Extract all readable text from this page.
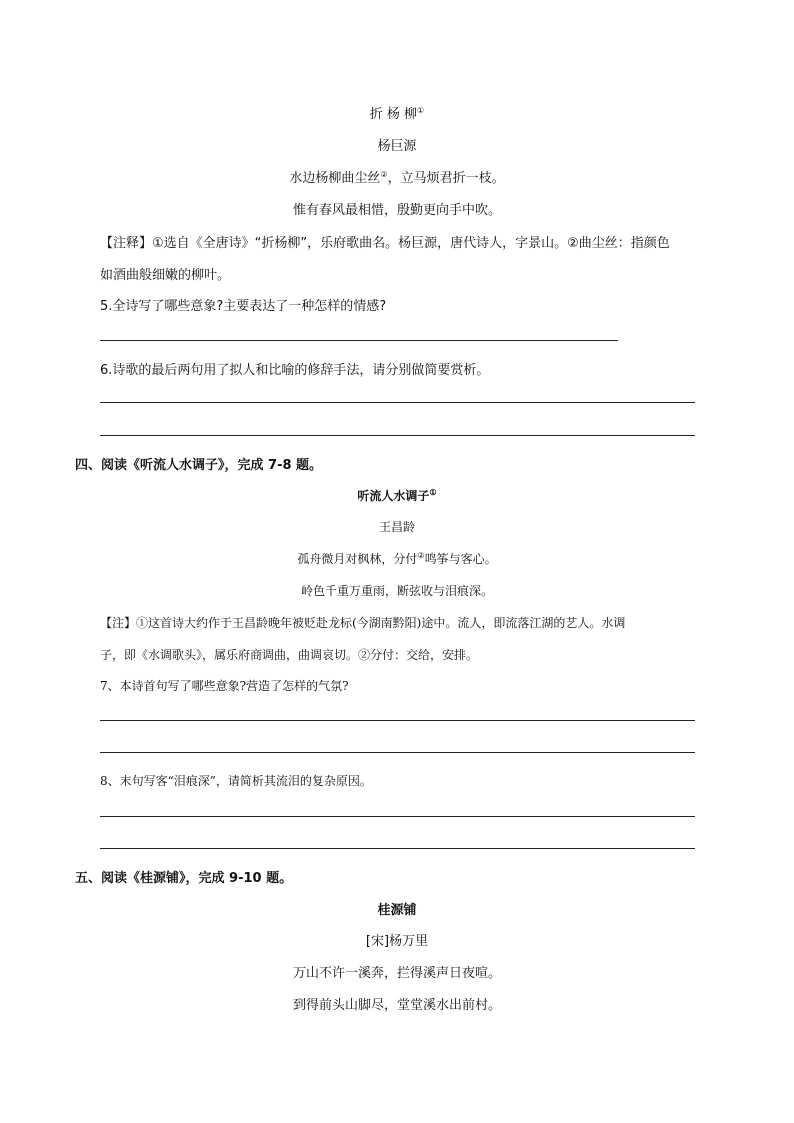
折 杨 柳①
杨巨源
水边杨柳曲尘丝②，立马烦君折一枝。
惟有春风最相惜，殷勤更向手中吹。
【注释】①选自《全唐诗》“折杨柳”，乐府歌曲名。杨巨源，唐代诗人，字景山。②曲尘丝：指颜色
如酒曲般细嫩的柳叶。
5.全诗写了哪些意象?主要表达了一种怎样的情感?
6.诗歌的最后两句用了拟人和比喻的修辞手法，请分别做简要赏析。
四、阅读《听流人水调子》，完成 7-8 题。
听流人水调子①
王昌龄
孤舟微月对枫林，分付②鸣筝与客心。
岭色千重万重雨，断弦收与泪痕深。
【注】①这首诗大约作于王昌龄晚年被贬赴龙标(今湖南黔阳)途中。流人，即流落江湖的艺人。水调
子，即《水调歌头》，属乐府商调曲，曲调哀切。②分付：交给，安排。
7、本诗首句写了哪些意象?营造了怎样的气氛?
8、末句写客“泪痕深”，请简析其流泪的复杂原因。
五、阅读《桂源铺》，完成 9-10 题。
桂源铺
[宋]杨万里
万山不许一溪奔，拦得溪声日夜喧。
到得前头山脚尽，堂堂溪水出前村。
